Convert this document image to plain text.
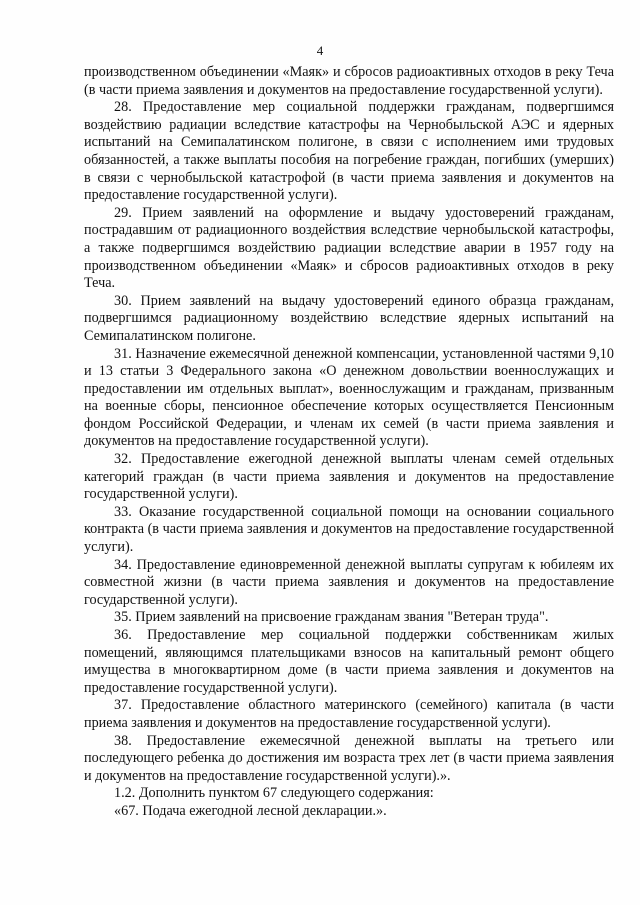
4

производственном объединении «Маяк» и сбросов радиоактивных отходов в реку Теча (в части приема заявления и документов на предоставление государственной услуги).

28. Предоставление мер социальной поддержки гражданам, подвергшимся воздействию радиации вследствие катастрофы на Чернобыльской АЭС и ядерных испытаний на Семипалатинском полигоне, в связи с исполнением ими трудовых обязанностей, а также выплаты пособия на погребение граждан, погибших (умерших) в связи с чернобыльской катастрофой (в части приема заявления и документов на предоставление государственной услуги).

29. Прием заявлений на оформление и выдачу удостоверений гражданам, пострадавшим от радиационного воздействия вследствие чернобыльской катастрофы, а также подвергшимся воздействию радиации вследствие аварии в 1957 году на производственном объединении «Маяк» и сбросов радиоактивных отходов в реку Теча.

30. Прием заявлений на выдачу удостоверений единого образца гражданам, подвергшимся радиационному воздействию вследствие ядерных испытаний на Семипалатинском полигоне.

31. Назначение ежемесячной денежной компенсации, установленной частями 9,10 и 13 статьи 3 Федерального закона «О денежном довольствии военнослужащих и предоставлении им отдельных выплат», военнослужащим и гражданам, призванным на военные сборы, пенсионное обеспечение которых осуществляется Пенсионным фондом Российской Федерации, и членам их семей (в части приема заявления и документов на предоставление государственной услуги).

32. Предоставление ежегодной денежной выплаты членам семей отдельных категорий граждан (в части приема заявления и документов на предоставление государственной услуги).

33. Оказание государственной социальной помощи на основании социального контракта (в части приема заявления и документов на предоставление государственной услуги).

34. Предоставление единовременной денежной выплаты супругам к юбилеям их совместной жизни (в части приема заявления и документов на предоставление государственной услуги).

35. Прием заявлений на присвоение гражданам звания "Ветеран труда".

36. Предоставление мер социальной поддержки собственникам жилых помещений, являющимся плательщиками взносов на капитальный ремонт общего имущества в многоквартирном доме (в части приема заявления и документов на предоставление государственной услуги).

37. Предоставление областного материнского (семейного) капитала (в части приема заявления и документов на предоставление государственной услуги).

38. Предоставление ежемесячной денежной выплаты на третьего или последующего ребенка до достижения им возраста трех лет (в части приема заявления и документов на предоставление государственной услуги).».

1.2. Дополнить пунктом 67 следующего содержания:

«67. Подача ежегодной лесной декларации.».
